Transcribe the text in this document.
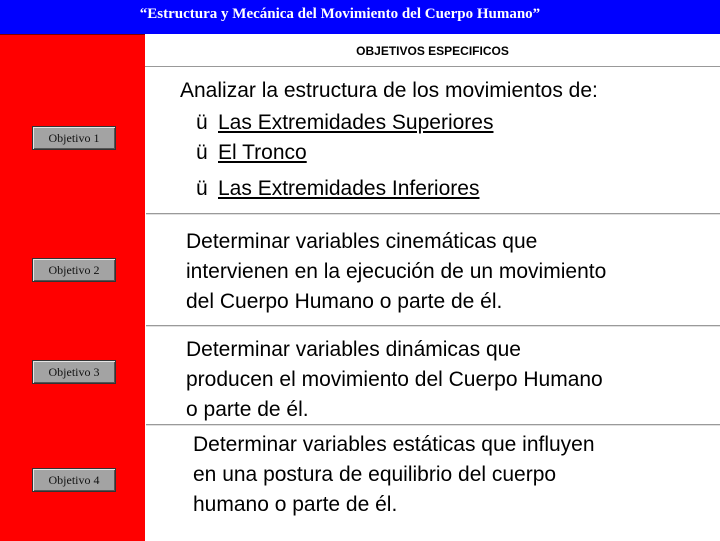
“Estructura y Mecánica del Movimiento del Cuerpo Humano”
OBJETIVOS ESPECIFICOS
Objetivo 1
Objetivo 2
Objetivo 3
Objetivo 4
Analizar la estructura de los movimientos de:
ü Las Extremidades Superiores
ü El Tronco
ü Las Extremidades Inferiores
Determinar variables cinemáticas que
intervienen en la ejecución de un movimiento
del Cuerpo Humano o parte de él.
Determinar variables dinámicas que
producen el movimiento del Cuerpo Humano
o parte de él.
Determinar variables estáticas que influyen
en una postura de equilibrio del cuerpo
humano o parte de él.
